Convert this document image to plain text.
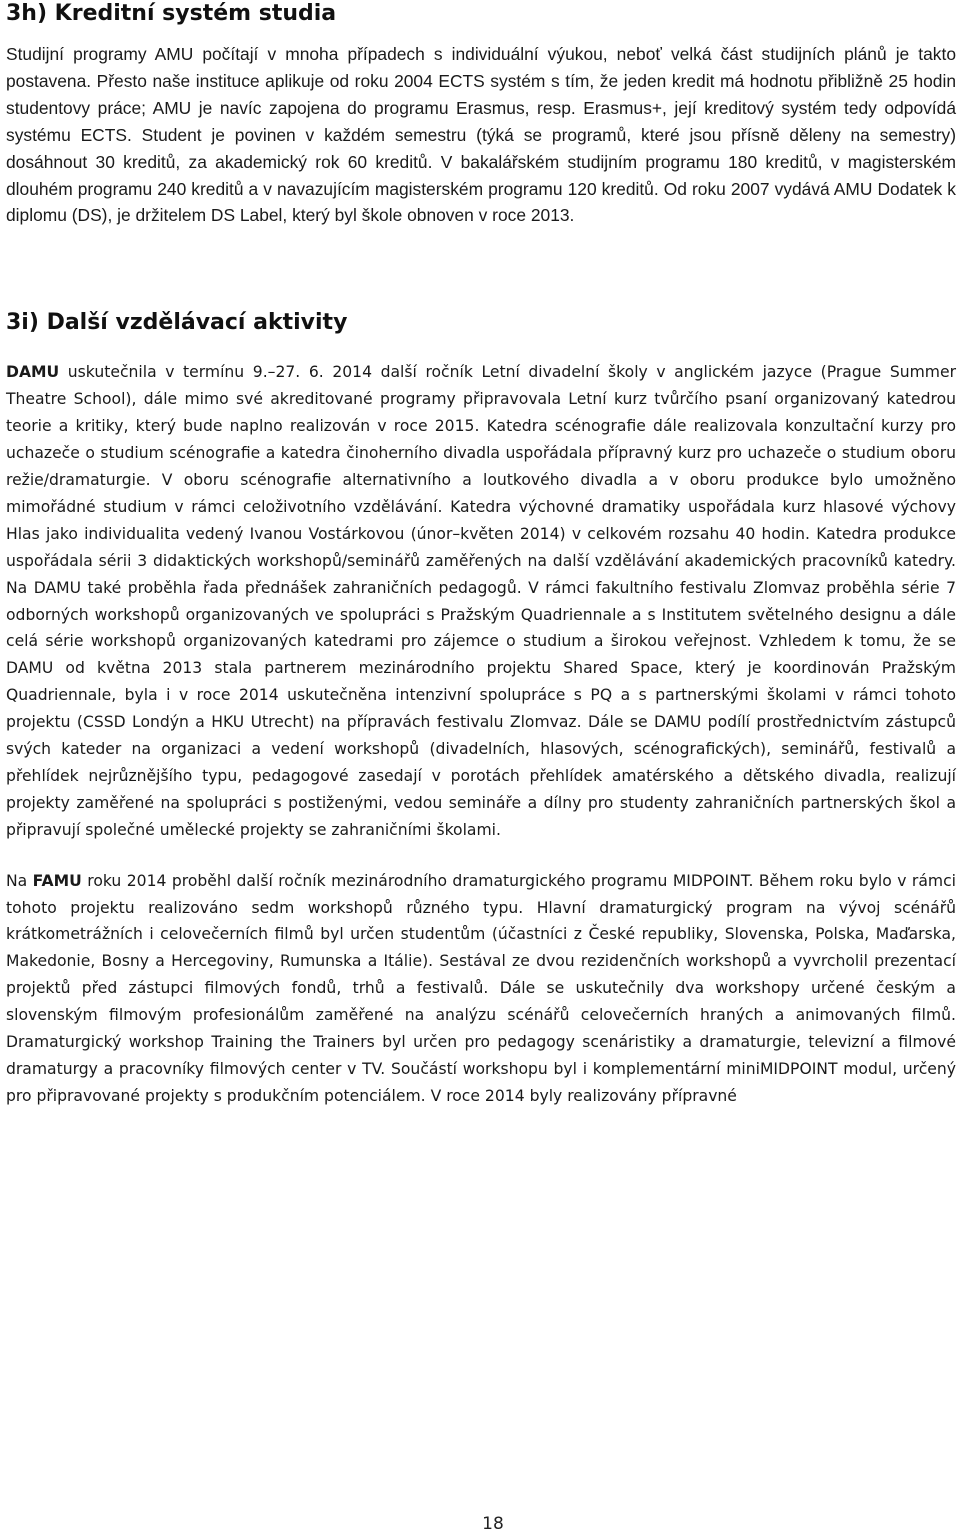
3h) Kreditní systém studia

Studijní programy AMU počítají v mnoha případech s individuální výukou, neboť velká část studijních plánů je takto postavena. Přesto naše instituce aplikuje od roku 2004 ECTS systém s tím, že jeden kredit má hodnotu přibližně 25 hodin studentovy práce; AMU je navíc zapojena do programu Erasmus, resp. Erasmus+, její kreditový systém tedy odpovídá systému ECTS. Student je povinen v každém semestru (týká se programů, které jsou přísně děleny na semestry) dosáhnout 30 kreditů, za akademický rok 60 kreditů. V bakalářském studijním programu 180 kreditů, v magisterském dlouhém programu 240 kreditů a v navazujícím magisterském programu 120 kreditů. Od roku 2007 vydává AMU Dodatek k diplomu (DS), je držitelem DS Label, který byl škole obnoven v roce 2013.

3i) Další vzdělávací aktivity

DAMU uskutečnila v termínu 9.–27. 6. 2014 další ročník Letní divadelní školy v anglickém jazyce (Prague Summer Theatre School), dále mimo své akreditované programy připravovala Letní kurz tvůrčího psaní organizovaný katedrou teorie a kritiky, který bude naplno realizován v roce 2015. Katedra scénografie dále realizovala konzultační kurzy pro uchazeče o studium scénografie a katedra činoherního divadla uspořádala přípravný kurz pro uchazeče o studium oboru režie/dramaturgie. V oboru scénografie alternativního a loutkového divadla a v oboru produkce bylo umožněno mimořádné studium v rámci celoživotního vzdělávání. Katedra výchovné dramatiky uspořádala kurz hlasové výchovy Hlas jako individualita vedený Ivanou Vostárkovou (únor–květen 2014) v celkovém rozsahu 40 hodin. Katedra produkce uspořádala sérii 3 didaktických workshopů/seminářů zaměřených na další vzdělávání akademických pracovníků katedry. Na DAMU také proběhla řada přednášek zahraničních pedagogů. V rámci fakultního festivalu Zlomvaz proběhla série 7 odborných workshopů organizovaných ve spolupráci s Pražským Quadriennale a s Institutem světelného designu a dále celá série workshopů organizovaných katedrami pro zájemce o studium a širokou veřejnost. Vzhledem k tomu, že se DAMU od května 2013 stala partnerem mezinárodního projektu Shared Space, který je koordinován Pražským Quadriennale, byla i v roce 2014 uskutečněna intenzivní spolupráce s PQ a s partnerskými školami v rámci tohoto projektu (CSSD Londýn a HKU Utrecht) na přípravách festivalu Zlomvaz. Dále se DAMU podílí prostřednictvím zástupců svých kateder na organizaci a vedení workshopů (divadelních, hlasových, scénografických), seminářů, festivalů a přehlídek nejrůznějšího typu, pedagogové zasedají v porotách přehlídek amatérského a dětského divadla, realizují projekty zaměřené na spolupráci s postiženými, vedou semináře a dílny pro studenty zahraničních partnerských škol a připravují společné umělecké projekty se zahraničními školami.

Na FAMU roku 2014 proběhl další ročník mezinárodního dramaturgického programu MIDPOINT. Během roku bylo v rámci tohoto projektu realizováno sedm workshopů různého typu. Hlavní dramaturgický program na vývoj scénářů krátkometrážních i celovečerních filmů byl určen studentům (účastníci z České republiky, Slovenska, Polska, Maďarska, Makedonie, Bosny a Hercegoviny, Rumunska a Itálie). Sestával ze dvou rezidenčních workshopů a vyvrcholil prezentací projektů před zástupci filmových fondů, trhů a festivalů. Dále se uskutečnily dva workshopy určené českým a slovenským filmovým profesionálům zaměřené na analýzu scénářů celovečerních hraných a animovaných filmů. Dramaturgický workshop Training the Trainers byl určen pro pedagogy scenáristiky a dramaturgie, televizní a filmové dramaturgy a pracovníky filmových center v TV. Součástí workshopu byl i komplementární miniMIDPOINT modul, určený pro připravované projekty s produkčním potenciálem. V roce 2014 byly realizovány přípravné

18
